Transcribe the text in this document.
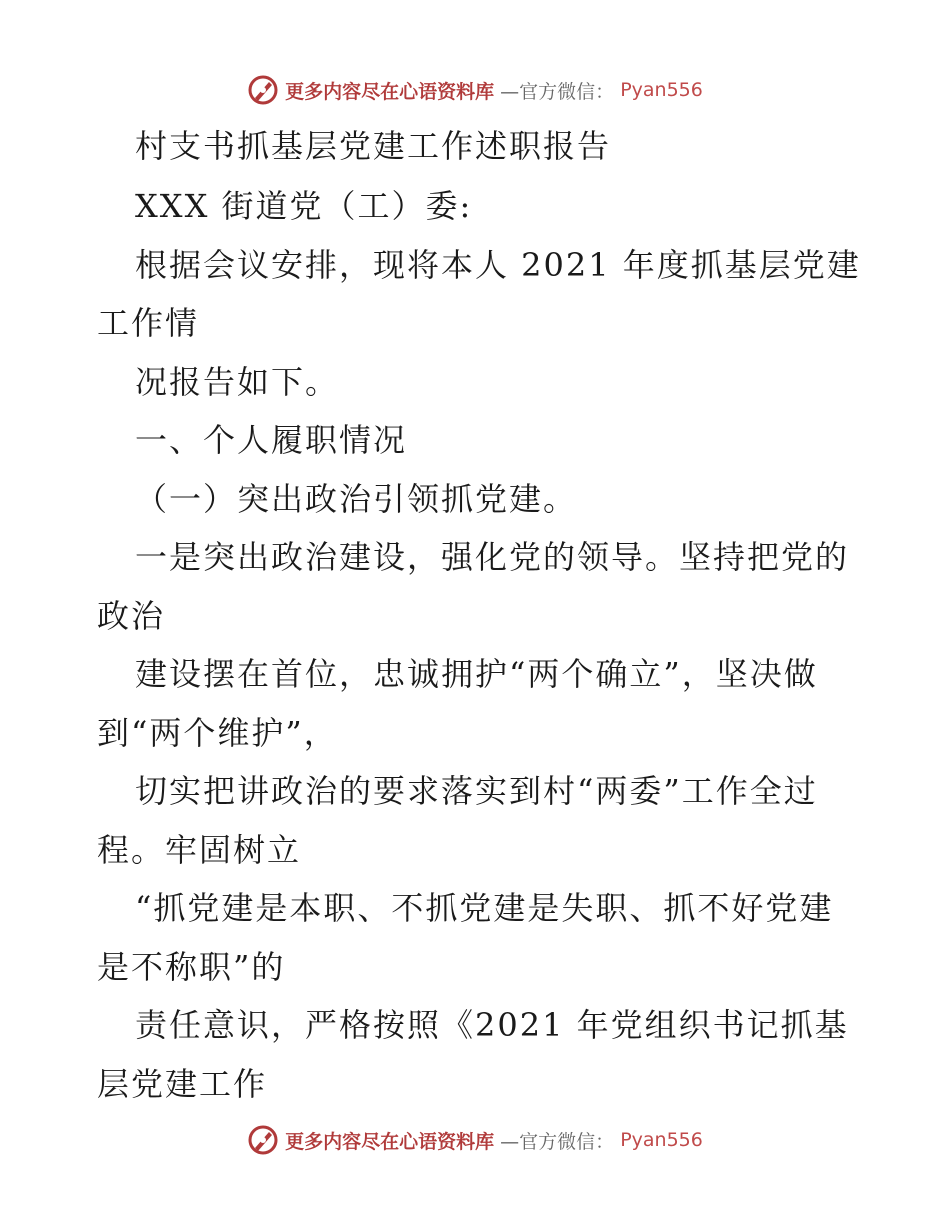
更多内容尽在心语资料库 —官方微信： Pyan556
村支书抓基层党建工作述职报告
XXX 街道党（工）委:
根据会议安排，现将本人 2021 年度抓基层党建
工作情
况报告如下。
一、个人履职情况
（一）突出政治引领抓党建。
一是突出政治建设，强化党的领导。坚持把党的
政治
建设摆在首位，忠诚拥护“两个确立”，坚决做
到“两个维护”，
切实把讲政治的要求落实到村“两委”工作全过
程。牢固树立
“抓党建是本职、不抓党建是失职、抓不好党建
是不称职”的
责任意识，严格按照《2021 年党组织书记抓基
层党建工作
更多内容尽在心语资料库 —官方微信： Pyan556
